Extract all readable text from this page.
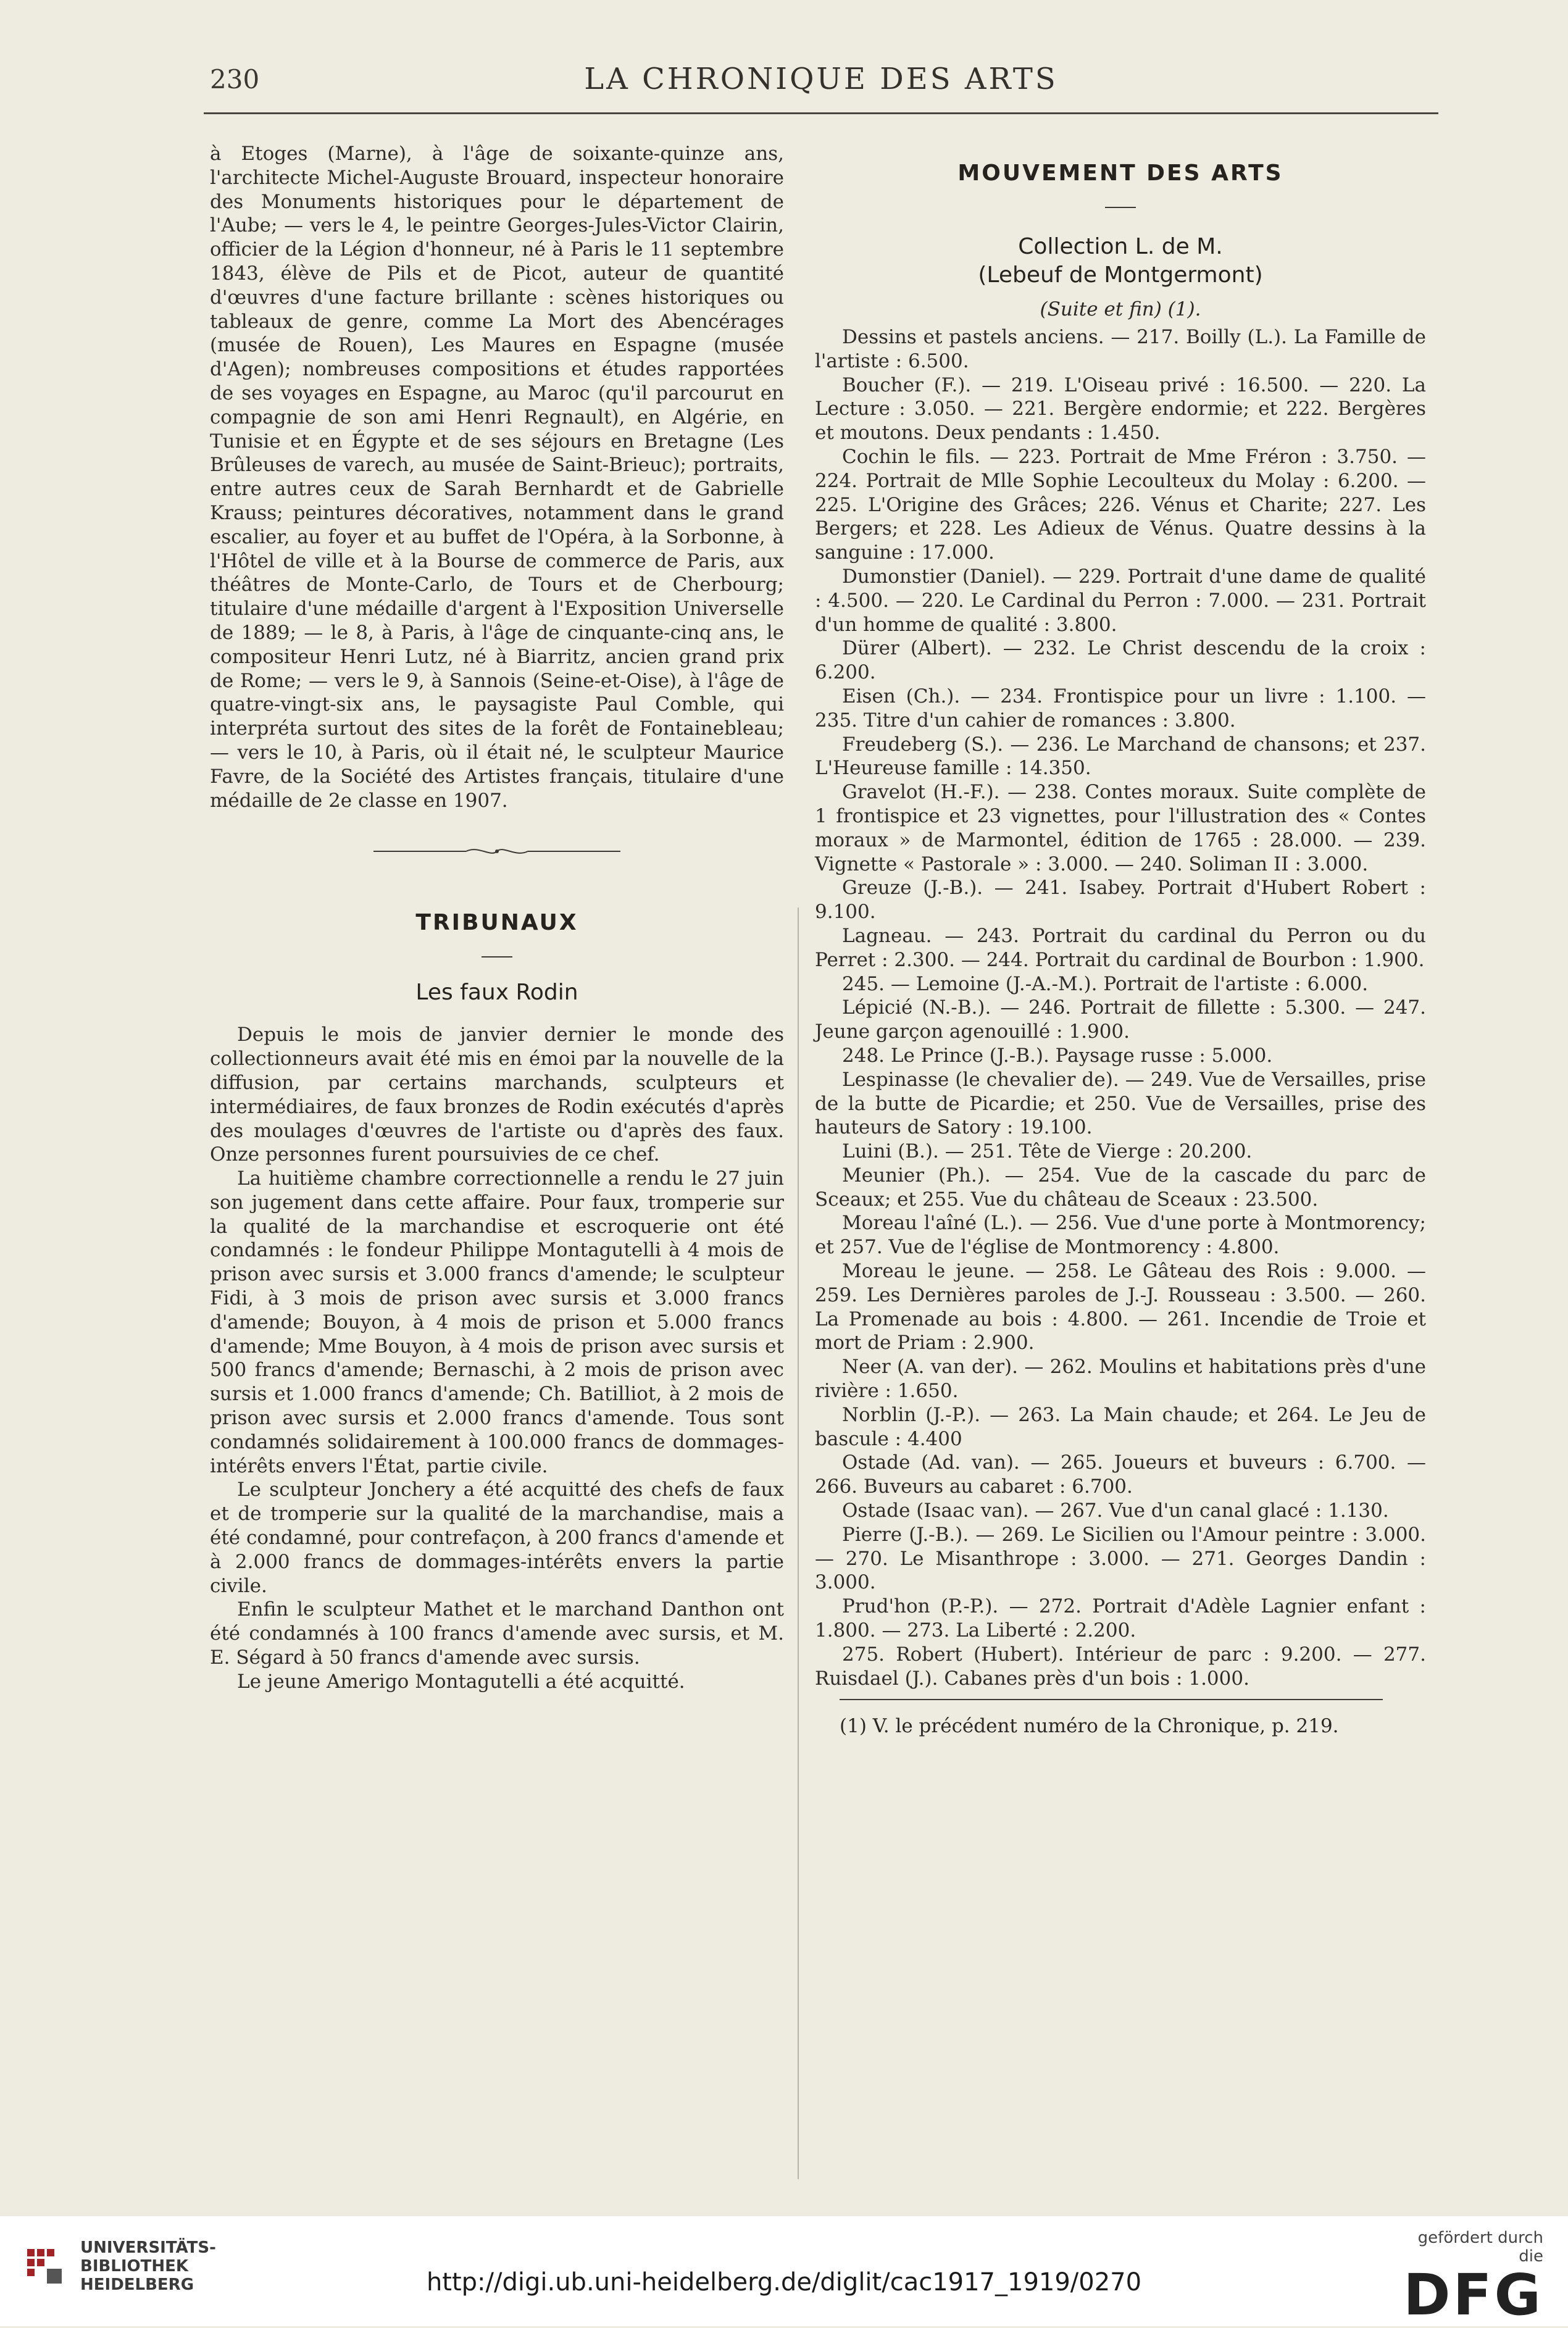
230	LA CHRONIQUE DES ARTS

à Etoges (Marne), à l'âge de soixante-quinze ans, l'architecte Michel-Auguste Brouard, inspecteur honoraire des Monuments historiques pour le département de l'Aube; — vers le 4, le peintre Georges-Jules-Victor Clairin, officier de la Légion d'honneur, né à Paris le 11 septembre 1843, élève de Pils et de Picot, auteur de quantité d'œuvres d'une facture brillante : scènes historiques ou tableaux de genre, comme La Mort des Abencérages (musée de Rouen), Les Maures en Espagne (musée d'Agen); nombreuses compositions et études rapportées de ses voyages en Espagne, au Maroc (qu'il parcourut en compagnie de son ami Henri Regnault), en Algérie, en Tunisie et en Égypte et de ses séjours en Bretagne (Les Brûleuses de varech, au musée de Saint-Brieuc); portraits, entre autres ceux de Sarah Bernhardt et de Gabrielle Krauss; peintures décoratives, notamment dans le grand escalier, au foyer et au buffet de l'Opéra, à la Sorbonne, à l'Hôtel de ville et à la Bourse de commerce de Paris, aux théâtres de Monte-Carlo, de Tours et de Cherbourg; titulaire d'une médaille d'argent à l'Exposition Universelle de 1889; — le 8, à Paris, à l'âge de cinquante-cinq ans, le compositeur Henri Lutz, né à Biarritz, ancien grand prix de Rome; — vers le 9, à Sannois (Seine-et-Oise), à l'âge de quatre-vingt-six ans, le paysagiste Paul Comble, qui interpréta surtout des sites de la forêt de Fontainebleau; — vers le 10, à Paris, où il était né, le sculpteur Maurice Favre, de la Société des Artistes français, titulaire d'une médaille de 2e classe en 1907.

TRIBUNAUX

Les faux Rodin

Depuis le mois de janvier dernier le monde des collectionneurs avait été mis en émoi par la nouvelle de la diffusion, par certains marchands, sculpteurs et intermédiaires, de faux bronzes de Rodin exécutés d'après des moulages d'œuvres de l'artiste ou d'après des faux. Onze personnes furent poursuivies de ce chef.

La huitième chambre correctionnelle a rendu le 27 juin son jugement dans cette affaire. Pour faux, tromperie sur la qualité de la marchandise et escroquerie ont été condamnés : le fondeur Philippe Montagutelli à 4 mois de prison avec sursis et 3.000 francs d'amende; le sculpteur Fidi, à 3 mois de prison avec sursis et 3.000 francs d'amende; Bouyon, à 4 mois de prison et 5.000 francs d'amende; Mme Bouyon, à 4 mois de prison avec sursis et 500 francs d'amende; Bernaschi, à 2 mois de prison avec sursis et 1.000 francs d'amende; Ch. Batilliot, à 2 mois de prison avec sursis et 2.000 francs d'amende. Tous sont condamnés solidairement à 100.000 francs de dommages-intérêts envers l'État, partie civile.

Le sculpteur Jonchery a été acquitté des chefs de faux et de tromperie sur la qualité de la marchandise, mais a été condamné, pour contrefaçon, à 200 francs d'amende et à 2.000 francs de dommages-intérêts envers la partie civile.

Enfin le sculpteur Mathet et le marchand Danthon ont été condamnés à 100 francs d'amende avec sursis, et M. E. Ségard à 50 francs d'amende avec sursis.

Le jeune Amerigo Montagutelli a été acquitté.

MOUVEMENT DES ARTS

Collection L. de M.

(Lebeuf de Montgermont)

(Suite et fin) (1).

Dessins et pastels anciens. — 217. Boilly (L.). La Famille de l'artiste : 6.500.

Boucher (F.). — 219. L'Oiseau privé : 16.500. — 220. La Lecture : 3.050. — 221. Bergère endormie; et 222. Bergères et moutons. Deux pendants : 1.450.

Cochin le fils. — 223. Portrait de Mme Fréron : 3.750. — 224. Portrait de Mlle Sophie Lecoulteux du Molay : 6.200. — 225. L'Origine des Grâces; 226. Vénus et Charite; 227. Les Bergers; et 228. Les Adieux de Vénus. Quatre dessins à la sanguine : 17.000.

Dumonstier (Daniel). — 229. Portrait d'une dame de qualité : 4.500. — 220. Le Cardinal du Perron : 7.000. — 231. Portrait d'un homme de qualité : 3.800.

Dürer (Albert). — 232. Le Christ descendu de la croix : 6.200.

Eisen (Ch.). — 234. Frontispice pour un livre : 1.100. — 235. Titre d'un cahier de romances : 3.800.

Freudeberg (S.). — 236. Le Marchand de chansons; et 237. L'Heureuse famille : 14.350.

Gravelot (H.-F.). — 238. Contes moraux. Suite complète de 1 frontispice et 23 vignettes, pour l'illustration des « Contes moraux » de Marmontel, édition de 1765 : 28.000. — 239. Vignette « Pastorale » : 3.000. — 240. Soliman II : 3.000.

Greuze (J.-B.). — 241. Isabey. Portrait d'Hubert Robert : 9.100.

Lagneau. — 243. Portrait du cardinal du Perron ou du Perret : 2.300. — 244. Portrait du cardinal de Bourbon : 1.900.

245. — Lemoine (J.-A.-M.). Portrait de l'artiste : 6.000.

Lépicié (N.-B.). — 246. Portrait de fillette : 5.300. — 247. Jeune garçon agenouillé : 1.900.

248. Le Prince (J.-B.). Paysage russe : 5.000.

Lespinasse (le chevalier de). — 249. Vue de Versailles, prise de la butte de Picardie; et 250. Vue de Versailles, prise des hauteurs de Satory : 19.100.

Luini (B.). — 251. Tête de Vierge : 20.200.

Meunier (Ph.). — 254. Vue de la cascade du parc de Sceaux; et 255. Vue du château de Sceaux : 23.500.

Moreau l'aîné (L.). — 256. Vue d'une porte à Montmorency; et 257. Vue de l'église de Montmorency : 4.800.

Moreau le jeune. — 258. Le Gâteau des Rois : 9.000. — 259. Les Dernières paroles de J.-J. Rousseau : 3.500. — 260. La Promenade au bois : 4.800. — 261. Incendie de Troie et mort de Priam : 2.900.

Neer (A. van der). — 262. Moulins et habitations près d'une rivière : 1.650.

Norblin (J.-P.). — 263. La Main chaude; et 264. Le Jeu de bascule : 4.400

Ostade (Ad. van). — 265. Joueurs et buveurs : 6.700. — 266. Buveurs au cabaret : 6.700.

Ostade (Isaac van). — 267. Vue d'un canal glacé : 1.130.

Pierre (J.-B.). — 269. Le Sicilien ou l'Amour peintre : 3.000. — 270. Le Misanthrope : 3.000. — 271. Georges Dandin : 3.000.

Prud'hon (P.-P.). — 272. Portrait d'Adèle Lagnier enfant : 1.800. — 273. La Liberté : 2.200.

275. Robert (Hubert). Intérieur de parc : 9.200. — 277. Ruisdael (J.). Cabanes près d'un bois : 1.000.

(1) V. le précédent numéro de la Chronique, p. 219.

UNIVERSITÄTS-
BIBLIOTHEK
HEIDELBERG	http://digi.ub.uni-heidelberg.de/diglit/cac1917_1919/0270
gefördert durch die
DFG
